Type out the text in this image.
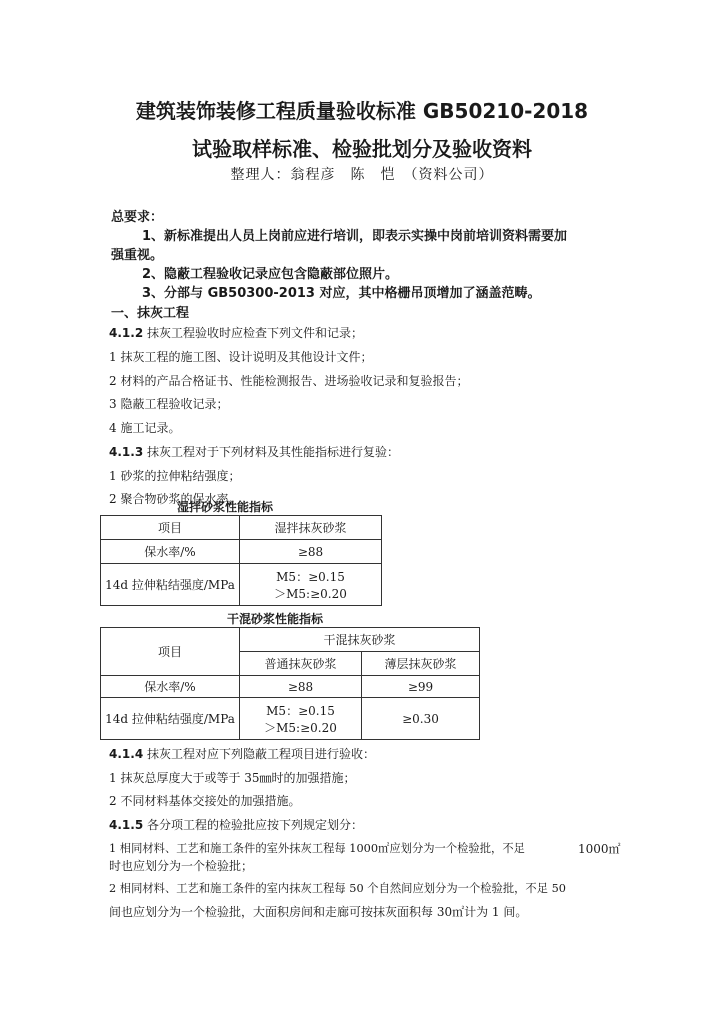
建筑装饰装修工程质量验收标准 GB50210-2018
试验取样标准、检验批划分及验收资料
整理人：翁程彦　陈　恺　（资料公司）
总要求：
1、新标准提出人员上岗前应进行培训，即表示实操中岗前培训资料需要加
强重视。
2、隐蔽工程验收记录应包含隐蔽部位照片。
3、分部与 GB50300-2013 对应，其中格栅吊顶增加了涵盖范畴。
一、抹灰工程
4.1.2 抹灰工程验收时应检查下列文件和记录；
1 抹灰工程的施工图、设计说明及其他设计文件；
2 材料的产品合格证书、性能检测报告、进场验收记录和复验报告；
3 隐蔽工程验收记录；
4 施工记录。
4.1.3 抹灰工程对于下列材料及其性能指标进行复验：
1 砂浆的拉伸粘结强度；
2 聚合物砂浆的保水率。
湿拌砂浆性能指标
项目	湿拌抹灰砂浆
保水率/%	≥88
14d 拉伸粘结强度/MPa	M5：≥0.15
＞M5:≥0.20
干混砂浆性能指标
项目	干混抹灰砂浆	
	普通抹灰砂浆	薄层抹灰砂浆
保水率/%	≥88	≥99
14d 拉伸粘结强度/MPa	M5：≥0.15
＞M5:≥0.20	≥0.30
4.1.4 抹灰工程对应下列隐蔽工程项目进行验收：
1 抹灰总厚度大于或等于 35㎜时的加强措施；
2 不同材料基体交接处的加强措施。
4.1.5 各分项工程的检验批应按下列规定划分：
1 相同材料、工艺和施工条件的室外抹灰工程每 1000㎡应划分为一个检验批，不足	1000㎡
时也应划分为一个检验批；
2 相同材料、工艺和施工条件的室内抹灰工程每 50 个自然间应划分为一个检验批，不足 50
间也应划分为一个检验批，大面积房间和走廊可按抹灰面积每 30㎡计为 1 间。
